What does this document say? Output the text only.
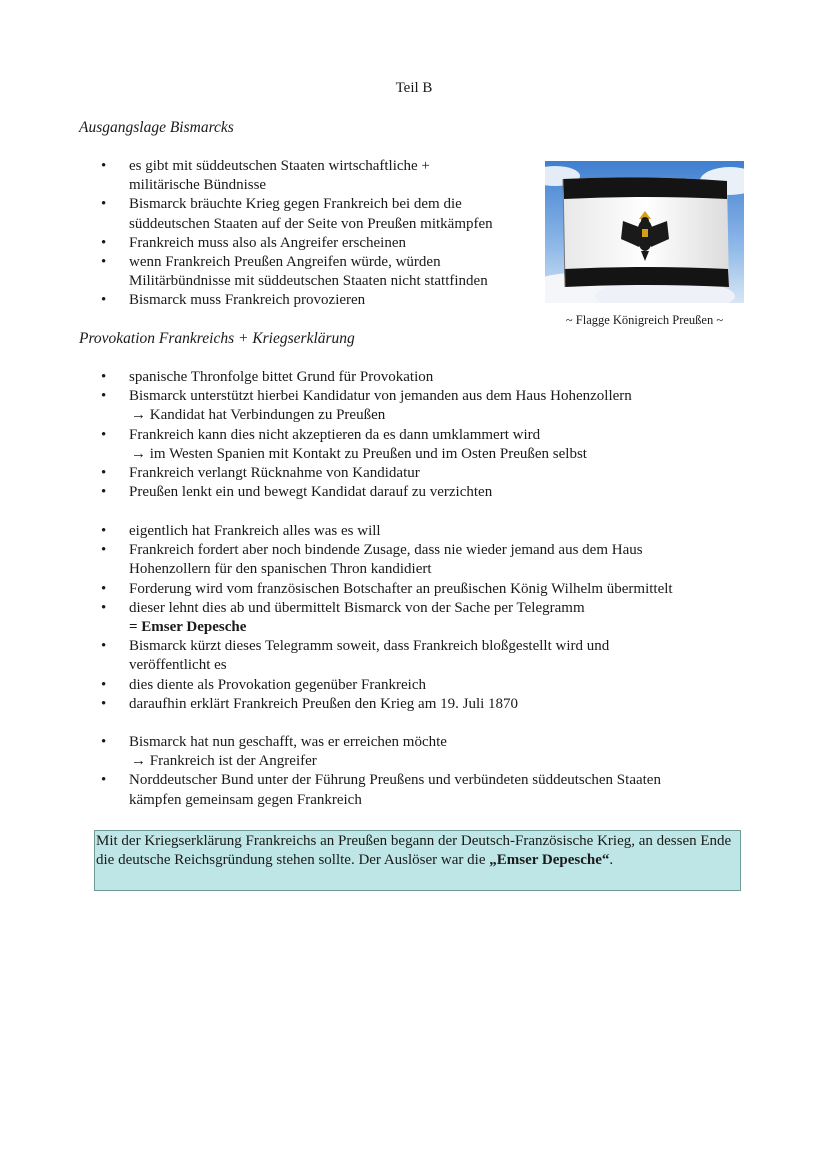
Teil B
Ausgangslage Bismarcks
• es gibt mit süddeutschen Staaten wirtschaftliche +
militärische Bündnisse
• Bismarck bräuchte Krieg gegen Frankreich bei dem die
süddeutschen Staaten auf der Seite von Preußen mitkämpfen
• Frankreich muss also als Angreifer erscheinen
• wenn Frankreich Preußen Angreifen würde, würden
Militärbündnisse mit süddeutschen Staaten nicht stattfinden
• Bismarck muss Frankreich provozieren
~ Flagge Königreich Preußen ~
Provokation Frankreichs + Kriegserklärung
• spanische Thronfolge bittet Grund für Provokation
• Bismarck unterstützt hierbei Kandidatur von jemanden aus dem Haus Hohenzollern
→ Kandidat hat Verbindungen zu Preußen
• Frankreich kann dies nicht akzeptieren da es dann umklammert wird
→ im Westen Spanien mit Kontakt zu Preußen und im Osten Preußen selbst
• Frankreich verlangt Rücknahme von Kandidatur
• Preußen lenkt ein und bewegt Kandidat darauf zu verzichten
• eigentlich hat Frankreich alles was es will
• Frankreich fordert aber noch bindende Zusage, dass nie wieder jemand aus dem Haus
Hohenzollern für den spanischen Thron kandidiert
• Forderung wird vom französischen Botschafter an preußischen König Wilhelm übermittelt
• dieser lehnt dies ab und übermittelt Bismarck von der Sache per Telegramm
= Emser Depesche
• Bismarck kürzt dieses Telegramm soweit, dass Frankreich bloßgestellt wird und
veröffentlicht es
• dies diente als Provokation gegenüber Frankreich
• daraufhin erklärt Frankreich Preußen den Krieg am 19. Juli 1870
• Bismarck hat nun geschafft, was er erreichen möchte
→ Frankreich ist der Angreifer
• Norddeutscher Bund unter der Führung Preußens und verbündeten süddeutschen Staaten
kämpfen gemeinsam gegen Frankreich
Mit der Kriegserklärung Frankreichs an Preußen begann der Deutsch-Französische Krieg, an dessen Ende die deutsche Reichsgründung stehen sollte. Der Auslöser war die „Emser Depesche“.
